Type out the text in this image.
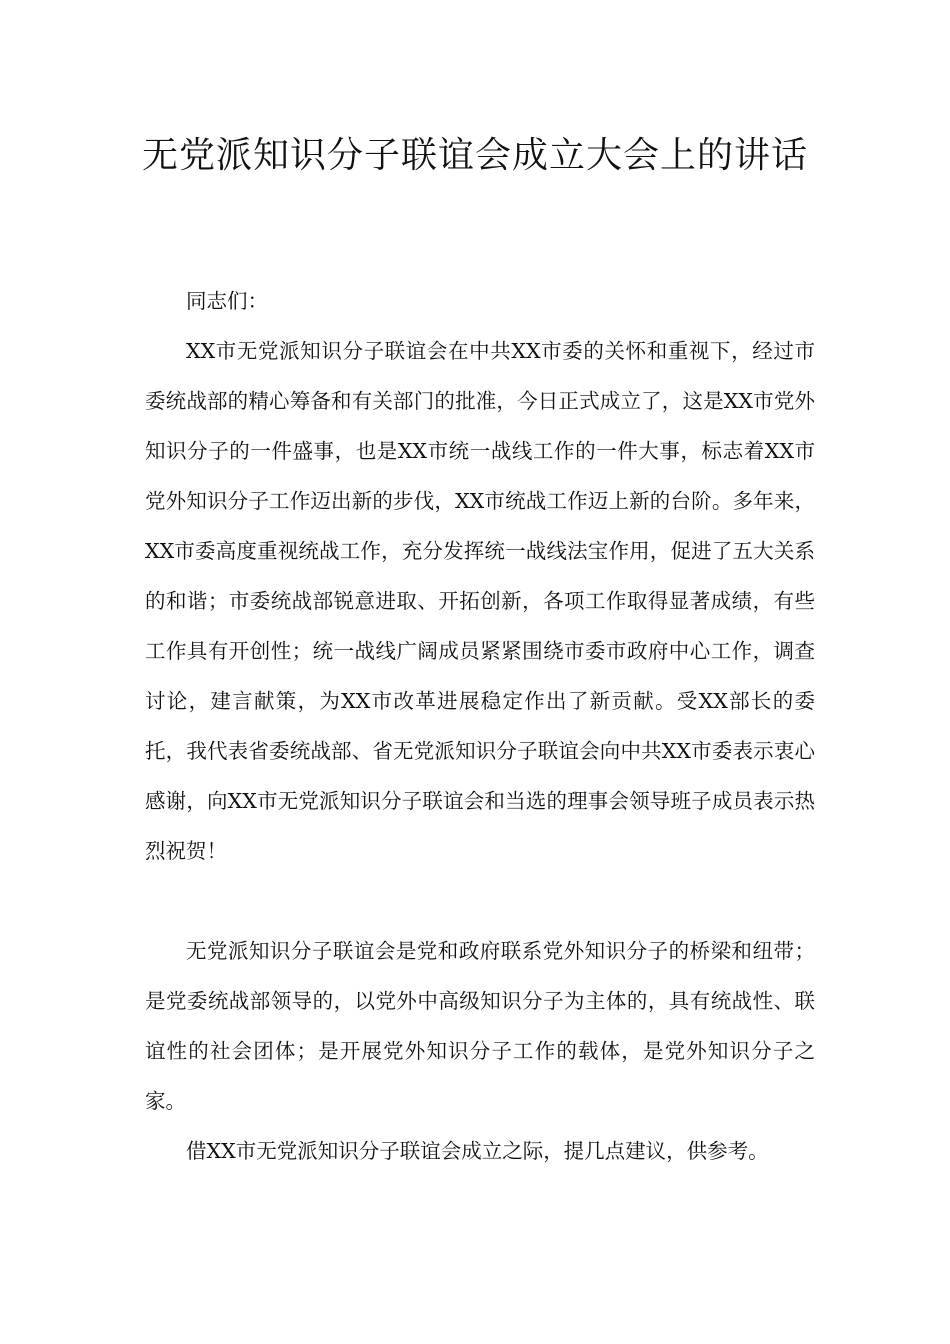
无党派知识分子联谊会成立大会上的讲话

同志们：

XX市无党派知识分子联谊会在中共XX市委的关怀和重视下，经过市委统战部的精心筹备和有关部门的批准，今日正式成立了，这是XX市党外知识分子的一件盛事，也是XX市统一战线工作的一件大事，标志着XX市党外知识分子工作迈出新的步伐，XX市统战工作迈上新的台阶。多年来，XX市委高度重视统战工作，充分发挥统一战线法宝作用，促进了五大关系的和谐；市委统战部锐意进取、开拓创新，各项工作取得显著成绩，有些工作具有开创性；统一战线广阔成员紧紧围绕市委市政府中心工作，调查讨论，建言献策，为XX市改革进展稳定作出了新贡献。受XX部长的委托，我代表省委统战部、省无党派知识分子联谊会向中共XX市委表示衷心感谢，向XX市无党派知识分子联谊会和当选的理事会领导班子成员表示热烈祝贺！

无党派知识分子联谊会是党和政府联系党外知识分子的桥梁和纽带；是党委统战部领导的，以党外中高级知识分子为主体的，具有统战性、联谊性的社会团体；是开展党外知识分子工作的载体，是党外知识分子之家。

借XX市无党派知识分子联谊会成立之际，提几点建议，供参考。
